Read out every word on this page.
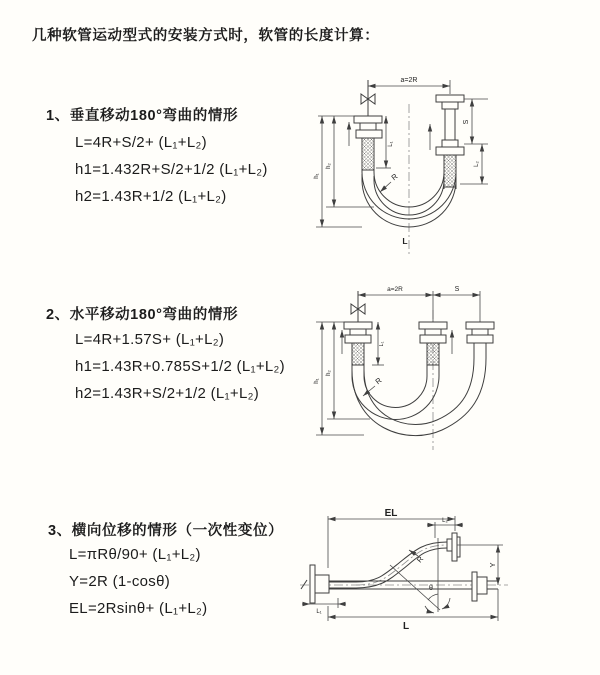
几种软管运动型式的安装方式时，软管的长度计算：
1、垂直移动180°弯曲的情形
L=4R+S/2+ (L₁+L₂)
h1=1.432R+S/2+1/2 (L₁+L₂)
h2=1.43R+1/2 (L₁+L₂)
2、水平移动180°弯曲的情形
L=4R+1.57S+ (L₁+L₂)
h1=1.43R+0.785S+1/2 (L₁+L₂)
h2=1.43R+S/2+1/2 (L₁+L₂)
3、横向位移的情形（一次性变位）
L=πRθ/90+ (L₁+L₂)
Y=2R (1-cosθ)
EL=2Rsinθ+ (L₁+L₂)
a=2R
L₁
S
L₂
h₂
h₁	R
L
a=2R	S
L₁
h₂
h₁	R
EL
L₂
Y
R
θ
L₁
L
